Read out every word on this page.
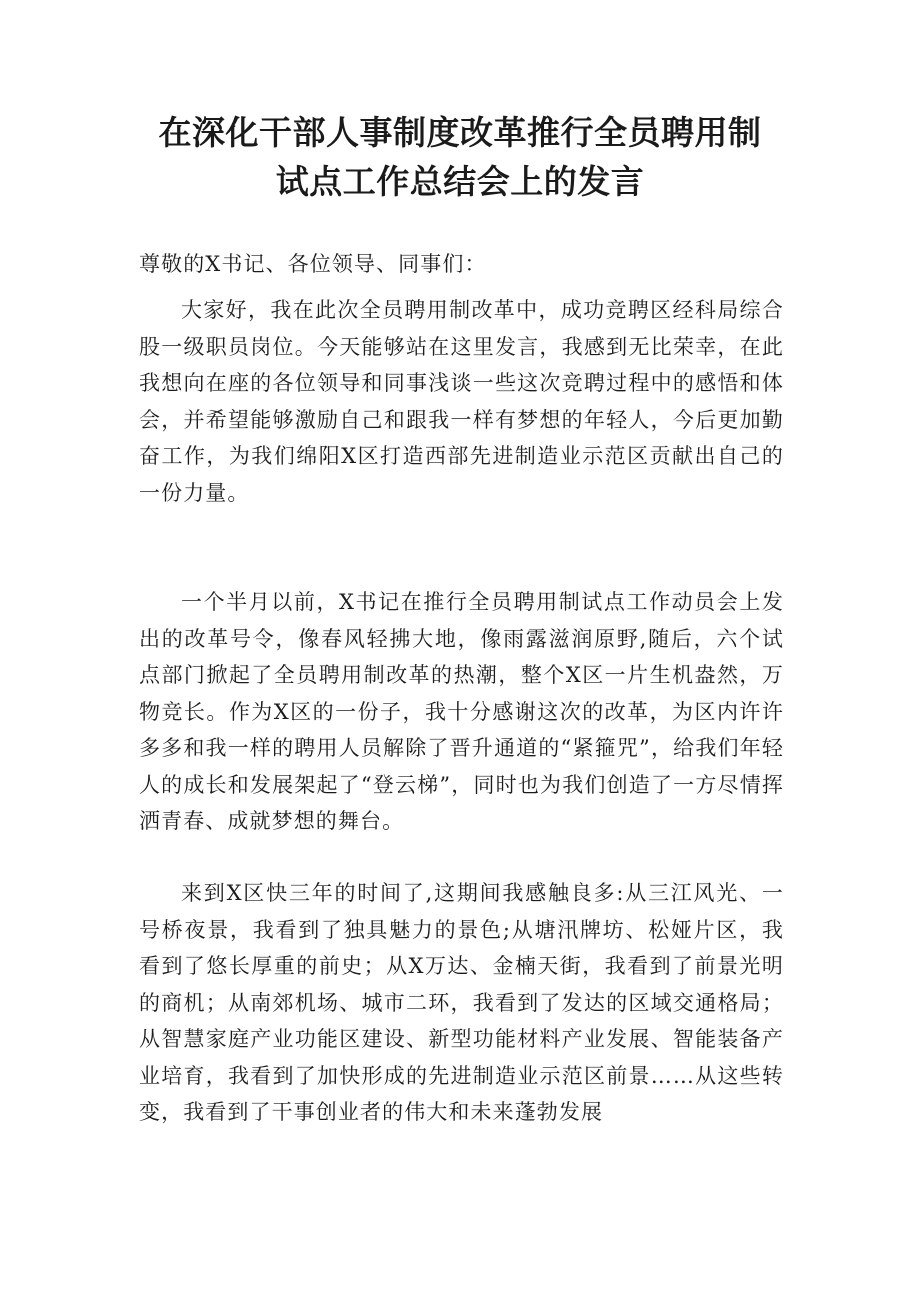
在深化干部人事制度改革推行全员聘用制
试点工作总结会上的发言
尊敬的X书记、各位领导、同事们：

大家好，我在此次全员聘用制改革中，成功竞聘区经科局综合股一级职员岗位。今天能够站在这里发言，我感到无比荣幸，在此我想向在座的各位领导和同事浅谈一些这次竞聘过程中的感悟和体会，并希望能够激励自己和跟我一样有梦想的年轻人，今后更加勤奋工作，为我们绵阳X区打造西部先进制造业示范区贡献出自己的一份力量。

一个半月以前，X书记在推行全员聘用制试点工作动员会上发出的改革号令，像春风轻拂大地，像雨露滋润原野,随后，六个试点部门掀起了全员聘用制改革的热潮，整个X区一片生机盎然，万物竞长。作为X区的一份子，我十分感谢这次的改革，为区内许许多多和我一样的聘用人员解除了晋升通道的“紧箍咒”，给我们年轻人的成长和发展架起了“登云梯”，同时也为我们创造了一方尽情挥洒青春、成就梦想的舞台。

来到X区快三年的时间了,这期间我感触良多:从三江风光、一号桥夜景，我看到了独具魅力的景色;从塘汛牌坊、松娅片区，我看到了悠长厚重的前史；从X万达、金楠天街，我看到了前景光明的商机；从南郊机场、城市二环，我看到了发达的区域交通格局；从智慧家庭产业功能区建设、新型功能材料产业发展、智能装备产业培育，我看到了加快形成的先进制造业示范区前景……从这些转变，我看到了干事创业者的伟大和未来蓬勃发展
